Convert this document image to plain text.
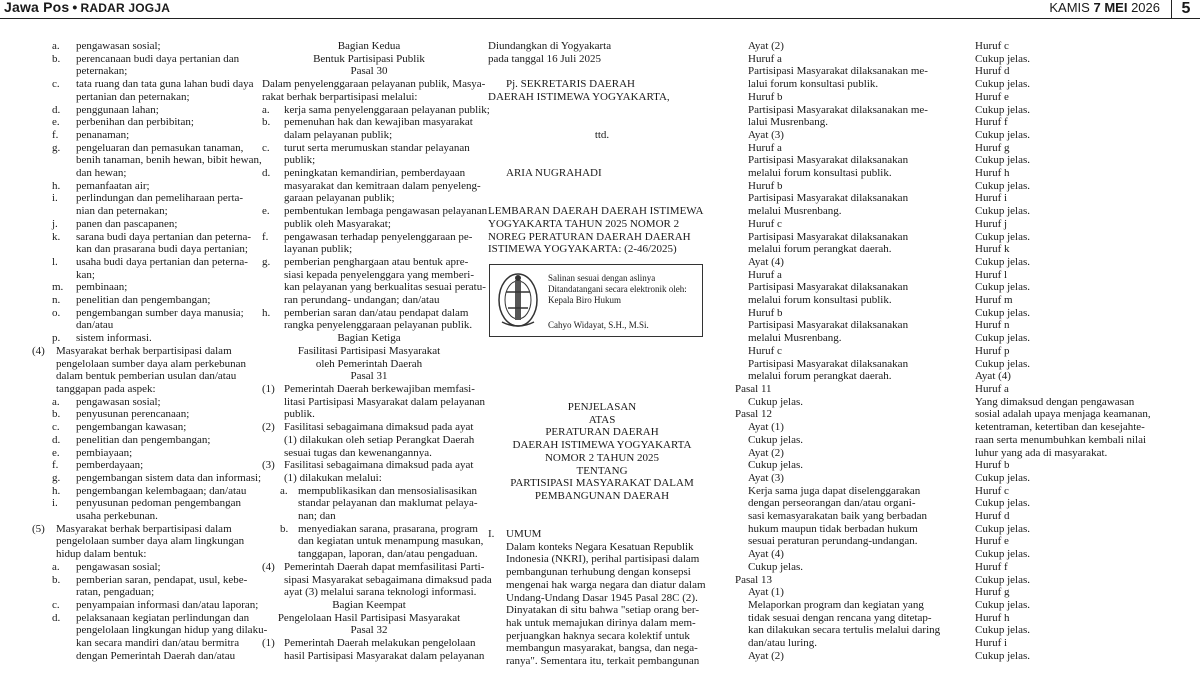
Jawa Pos • RADAR JOGJA	KAMIS 7 MEI 2026	5
a. pengawasan sosial;
b. perencanaan budi daya pertanian dan
peternakan;
c. tata ruang dan tata guna lahan budi daya
pertanian dan peternakan;
d. penggunaan lahan;
e. perbenihan dan perbibitan;
f. penanaman;
g. pengeluaran dan pemasukan tanaman,
benih tanaman, benih hewan, bibit hewan,
dan hewan;
h. pemanfaatan air;
i. perlindungan dan pemeliharaan perta-
nian dan peternakan;
j. panen dan pascapanen;
k. sarana budi daya pertanian dan peterna-
kan dan prasarana budi daya pertanian;
l. usaha budi daya pertanian dan peterna-
kan;
m. pembinaan;
n. penelitian dan pengembangan;
o. pengembangan sumber daya manusia;
dan/atau
p. sistem informasi.
(4) Masyarakat berhak berpartisipasi dalam
pengelolaan sumber daya alam perkebunan
dalam bentuk pemberian usulan dan/atau
tanggapan pada aspek:
a. pengawasan sosial;
b. penyusunan perencanaan;
c. pengembangan kawasan;
d. penelitian dan pengembangan;
e. pembiayaan;
f. pemberdayaan;
g. pengembangan sistem data dan informasi;
h. pengembangan kelembagaan; dan/atau
i. penyusunan pedoman pengembangan
usaha perkebunan.
(5) Masyarakat berhak berpartisipasi dalam
pengelolaan sumber daya alam lingkungan
hidup dalam bentuk:
a. pengawasan sosial;
b. pemberian saran, pendapat, usul, kebe-
ratan, pengaduan;
c. penyampaian informasi dan/atau laporan;
d. pelaksanaan kegiatan perlindungan dan
pengelolaan lingkungan hidup yang dilaku-
kan secara mandiri dan/atau bermitra
dengan Pemerintah Daerah dan/atau
Bagian Kedua
Bentuk Partisipasi Publik
Pasal 30
Dalam penyelenggaraan pelayanan publik, Masya-
rakat berhak berpartisipasi melalui:
a. kerja sama penyelenggaraan pelayanan publik;
b. pemenuhan hak dan kewajiban masyarakat
dalam pelayanan publik;
c. turut serta merumuskan standar pelayanan
publik;
d. peningkatan kemandirian, pemberdayaan
masyarakat dan kemitraan dalam penyeleng-
garaan pelayanan publik;
e. pembentukan lembaga pengawasan pelayanan
publik oleh Masyarakat;
f. pengawasan terhadap penyelenggaraan pe-
layanan publik;
g. pemberian penghargaan atau bentuk apre-
siasi kepada penyelenggara yang memberi-
kan pelayanan yang berkualitas sesuai peratu-
ran perundang- undangan; dan/atau
h. pemberian saran dan/atau pendapat dalam
rangka penyelenggaraan pelayanan publik.
Bagian Ketiga
Fasilitasi Partisipasi Masyarakat
oleh Pemerintah Daerah
Pasal 31
(1) Pemerintah Daerah berkewajiban memfasi-
litasi Partisipasi Masyarakat dalam pelayanan
publik.
(2) Fasilitasi sebagaimana dimaksud pada ayat
(1) dilakukan oleh setiap Perangkat Daerah
sesuai tugas dan kewenangannya.
(3) Fasilitasi sebagaimana dimaksud pada ayat
(1) dilakukan melalui:
a. mempublikasikan dan mensosialisasikan
standar pelayanan dan maklumat pelaya-
nan; dan
b. menyediakan sarana, prasarana, program
dan kegiatan untuk menampung masukan,
tanggapan, laporan, dan/atau pengaduan.
(4) Pemerintah Daerah dapat memfasilitasi Parti-
sipasi Masyarakat sebagaimana dimaksud pada
ayat (3) melalui sarana teknologi informasi.
Bagian Keempat
Pengelolaan Hasil Partisipasi Masyarakat
Pasal 32
(1) Pemerintah Daerah melakukan pengelolaan
hasil Partisipasi Masyarakat dalam pelayanan
Diundangkan di Yogyakarta
pada tanggal 16 Juli 2025

Pj. SEKRETARIS DAERAH
DAERAH ISTIMEWA YOGYAKARTA,

ttd.

ARIA NUGRAHADI

LEMBARAN DAERAH DAERAH ISTIMEWA
YOGYAKARTA TAHUN 2025 NOMOR 2
NOREG PERATURAN DAERAH DAERAH
ISTIMEWA YOGYAKARTA: (2-46/2025)
PENJELASAN
ATAS
PERATURAN DAERAH
DAERAH ISTIMEWA YOGYAKARTA
NOMOR 2 TAHUN 2025
TENTANG
PARTISIPASI MASYARAKAT DALAM
PEMBANGUNAN DAERAH

I. UMUM
Dalam konteks Negara Kesatuan Republik
Indonesia (NKRI), perihal partisipasi dalam
pembangunan terhubung dengan konsepsi
mengenai hak warga negara dan diatur dalam
Undang-Undang Dasar 1945 Pasal 28C (2).
Dinyatakan di situ bahwa "setiap orang ber-
hak untuk memajukan dirinya dalam mem-
perjuangkan haknya secara kolektif untuk
membangun masyarakat, bangsa, dan nega-
ranya". Sementara itu, terkait pembangunan
Salinan sesuai dengan aslinya
Ditandatangani secara elektronik oleh:
Kepala Biro Hukum
Cahyo Widayat, S.H., M.Si.
Ayat (2)
Huruf a
Partisipasi Masyarakat dilaksanakan me-
lalui forum konsultasi publik.
Huruf b
Partisipasi Masyarakat dilaksanakan me-
lalui Musrenbang.
Ayat (3)
Huruf a
Partisipasi Masyarakat dilaksanakan
melalui forum konsultasi publik.
Huruf b
Partisipasi Masyarakat dilaksanakan
melalui Musrenbang.
Huruf c
Partisipasi Masyarakat dilaksanakan
melalui forum perangkat daerah.
Ayat (4)
Huruf a
Partisipasi Masyarakat dilaksanakan
melalui forum konsultasi publik.
Huruf b
Partisipasi Masyarakat dilaksanakan
melalui Musrenbang.
Huruf c
Partisipasi Masyarakat dilaksanakan
melalui forum perangkat daerah.
Pasal 11
Cukup jelas.
Pasal 12
Ayat (1)
Cukup jelas.
Ayat (2)
Cukup jelas.
Ayat (3)
Kerja sama juga dapat diselenggarakan
dengan perseorangan dan/atau organi-
sasi kemasyarakatan baik yang berbadan
hukum maupun tidak berbadan hukum
sesuai peraturan perundang-undangan.
Ayat (4)
Cukup jelas.
Pasal 13
Ayat (1)
Melaporkan program dan kegiatan yang
tidak sesuai dengan rencana yang ditetap-
kan dilakukan secara tertulis melalui daring
dan/atau luring.
Ayat (2)
Huruf c
Cukup jelas.
Huruf d
Cukup jelas.
Huruf e
Cukup jelas.
Huruf f
Cukup jelas.
Huruf g
Cukup jelas.
Huruf h
Cukup jelas.
Huruf i
Cukup jelas.
Huruf j
Cukup jelas.
Huruf k
Cukup jelas.
Huruf l
Cukup jelas.
Huruf m
Cukup jelas.
Huruf n
Cukup jelas.
Huruf p
Cukup jelas.
Ayat (4)
Huruf a
Yang dimaksud dengan pengawasan
sosial adalah upaya menjaga keamanan,
ketentraman, ketertiban dan kesejahte-
raan serta menumbuhkan kembali nilai
luhur yang ada di masyarakat.
Huruf b
Cukup jelas.
Huruf c
Cukup jelas.
Huruf d
Cukup jelas.
Huruf e
Cukup jelas.
Huruf f
Cukup jelas.
Huruf g
Cukup jelas.
Huruf h
Cukup jelas.
Huruf i
Cukup jelas.
